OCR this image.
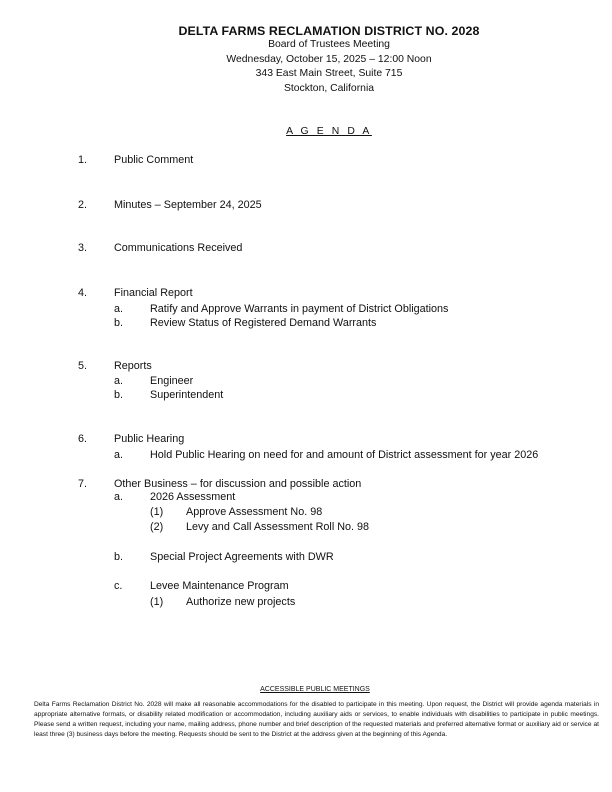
DELTA FARMS RECLAMATION DISTRICT NO. 2028
Board of Trustees Meeting
Wednesday, October 15, 2025 – 12:00 Noon
343 East Main Street, Suite 715
Stockton, California
A G E N D A
1. Public Comment
2. Minutes – September 24, 2025
3. Communications Received
4. Financial Report
a. Ratify and Approve Warrants in payment of District Obligations
b. Review Status of Registered Demand Warrants
5. Reports
a. Engineer
b. Superintendent
6. Public Hearing
a. Hold Public Hearing on need for and amount of District assessment for year 2026
7. Other Business – for discussion and possible action
a. 2026 Assessment
(1) Approve Assessment No. 98
(2) Levy and Call Assessment Roll No. 98
b. Special Project Agreements with DWR
c.	Levee Maintenance Program
(1) Authorize new projects
ACCESSIBLE PUBLIC MEETINGS
Delta Farms Reclamation District No. 2028 will make all reasonable accommodations for the disabled to participate in this meeting. Upon request, the District will provide agenda materials in appropriate alternative formats, or disability related modification or accommodation, including auxiliary aids or services, to enable individuals with disabilities to participate in public meetings. Please send a written request, including your name, mailing address, phone number and brief description of the requested materials and preferred alternative format or auxiliary aid or service at least three (3) business days before the meeting. Requests should be sent to the District at the address given at the beginning of this Agenda.
